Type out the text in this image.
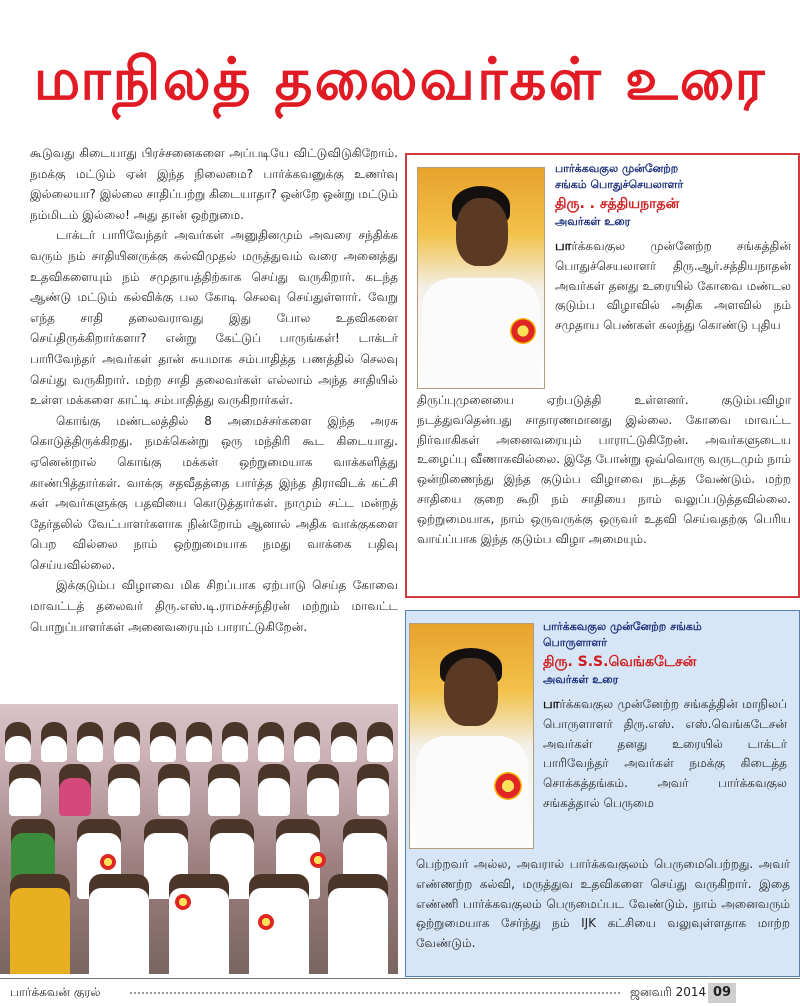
மாநிலத் தலைவர்கள் உரை

கூடுவது கிடையாது பிரச்சனைகளை அப்படியே விட்டுவிடுகிறோம். நமக்கு மட்டும் ஏன் இந்த நிலைமை? பார்க்கவனுக்கு உணர்வு இல்லையா? இல்லை சாதிப்பற்று கிடையாதா? ஒன்றே ஒன்று மட்டும் நம்மிடம் இல்லை! அது தான் ஒற்றுமை.

டாக்டர் பாரிவேந்தர் அவர்கள் அனுதினமும் அவரை சந்திக்க வரும் நம் சாதியினருக்கு கல்விமுதல் மருத்துவம் வரை அனைத்து உதவிகளையும் நம் சமுதாயத்திற்காக செய்து வருகிறார். கடந்த ஆண்டு மட்டும் கல்விக்கு பல கோடி செலவு செய்துள்ளார். வேறு எந்த சாதி தலைவராவது இது போல உதவிகளை செய்திருக்கிறார்களா? என்று கேட்டுப் பாருங்கள்! டாக்டர் பாரிவேந்தர் அவர்கள் தான் சுயமாக சம்பாதித்த பணத்தில் செலவு செய்து வருகிறார். மற்ற சாதி தலைவர்கள் எல்லாம் அந்த சாதியில் உள்ள மக்களை காட்டி சம்பாதித்து வருகிறார்கள்.

கொங்கு மண்டலத்தில் 8 அமைச்சர்களை இந்த அரசு கொடுத்திருக்கிறது. நமக்கென்று ஒரு மந்திரி கூட கிடையாது. ஏனென்றால் கொங்கு மக்கள் ஒற்றுமையாக வாக்களித்து காண்பித்தார்கள். வாக்கு சதவீதத்தை பார்த்த இந்த திராவிடக் கட்சி கள் அவர்களுக்கு பதவியை கொடுத்தார்கள். நாமும் சட்ட மன்றத் தேர்தலில் வேட்பாளர்களாக நின்றோம் ஆனால் அதிக வாக்குகளை பெற வில்லை நாம் ஒற்றுமையாக நமது வாக்கை பதிவு செய்யவில்லை.

இக்குடும்ப விழாவை மிக சிறப்பாக ஏற்பாடு செய்த கோவை மாவட்டத் தலைவர் திரு.எஸ்.டி.ராமச்சந்திரன் மற்றும் மாவட்ட பொறுப்பாளர்கள் அனைவரையும் பாராட்டுகிறேன்.

பார்க்கவகுல முன்னேற்ற
சங்கம் பொதுச்செயலாளர்
திரு. . சத்தியநாதன்
அவர்கள் உரை
பார்க்கவகுல முன்னேற்ற சங்கத்தின் பொதுச்செயலாளர் திரு.ஆர்.சத்தியநாதன் அவர்கள் தனது உரையில் கோவை மண்டல குடும்ப விழாவில் அதிக அளவில் நம் சமுதாய பெண்கள் கலந்து கொண்டு புதிய
திருப்புமுனையை ஏற்படுத்தி உள்ளனர். குடும்பவிழா நடத்துவதென்பது சாதாரணமானது இல்லை. கோவை மாவட்ட நிர்வாகிகள் அனைவரையும் பாராட்டுகிறேன். அவர்களுடைய உழைப்பு வீணாகவில்லை. இதே போன்று ஒவ்வொரு வருடமும் நாம் ஒன்றிணைந்து இந்த குடும்ப விழாவை நடத்த வேண்டும். மற்ற சாதியை குறை கூறி நம் சாதியை நாம் வலுப்படுத்தவில்லை. ஒற்றுமையாக, நாம் ஒருவருக்கு ஒருவர் உதவி செய்வதற்கு பெரிய வாய்ப்பாக இந்த குடும்ப விழா அமையும்.
பார்க்கவகுல முன்னேற்ற சங்கம்
பொருளாளர்
திரு. S.S.வெங்கடேசன்
அவர்கள் உரை
பார்க்கவகுல முன்னேற்ற சங்கத்தின் மாநிலப் பொருளாளர் திரு.எஸ். எஸ்.வெங்கடேசன் அவர்கள் தனது உரையில் டாக்டர் பாரிவேந்தர் அவர்கள் நமக்கு கிடைத்த சொக்கத்தங்கம். அவர் பார்க்கவகுல சங்கத்தால் பெருமை
பெற்றவர் அல்ல, அவரால் பார்க்கவகுலம் பெருமைபெற்றது. அவர் எண்ணற்ற கல்வி, மருத்துவ உதவிகளை செய்து வருகிறார். இதை எண்ணி பார்க்கவகுலம் பெருமைப்பட வேண்டும். நாம் அனைவரும் ஒற்றுமையாக சேர்ந்து நம் IJK கட்சியை வலுவுள்ளதாக மாற்ற வேண்டும்.
பார்க்கவன் குரல்	ஜனவரி 2014 09
